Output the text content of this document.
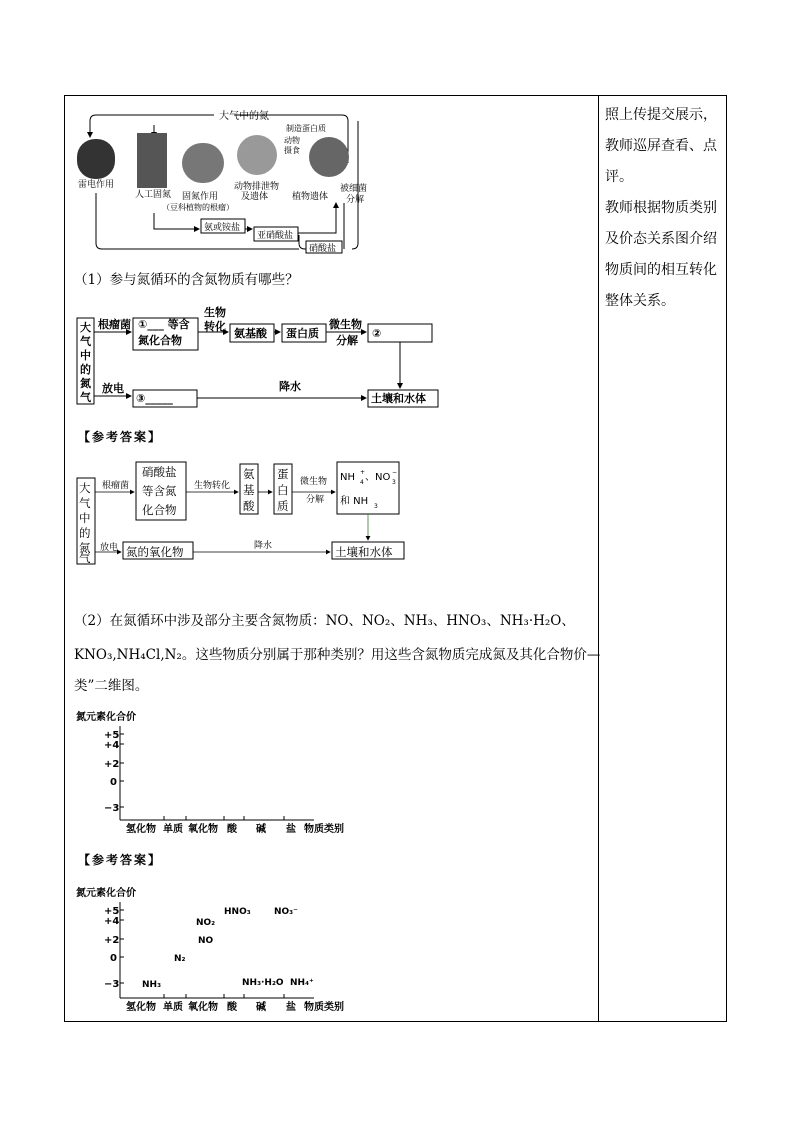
大气中的氮
雷电作用
人工固氮 固氮作用
（豆科植物的根瘤）
动物排泄物
及遗体	植物遗体
制造蛋白质
动物
摄食
被细菌
分解
氨或铵盐
亚硝酸盐
硝酸盐
（1）参与氮循环的含氮物质有哪些？
大
气
中
的
氮
气
根瘤菌 ①___ 等含
氮化合物
生物
转化
氨基酸 蛋白质
微生物
分解
②
放电
③_____
降水
土壤和水体
【参考答案】
大
气
中
的
氮
气
根瘤菌
硝酸盐
等含氮
化合物
生物转化
氨
基
酸
蛋
白
质
微生物
分解
NH 4
+ 、NO 3
−
和 NH 3
放电 氮的氧化物	降水	土壤和水体
（2）在氮循环中涉及部分主要含氮物质：NO、NO₂、NH₃、HNO₃、NH₃·H₂O、
KNO₃,NH₄Cl,N₂。这些物质分别属于那种类别？用这些含氮物质完成氮及其化合物价—
类”二维图。
氮元素化合价
+5
+4
+2
0
−3
氢化物 单质 氧化物 酸 碱 盐 物质类别
【参考答案】
氮元素化合价
+5
+4
+2
0
−3
氢化物 单质 氧化物 酸 碱 盐 物质类别
HNO₃	NO₃⁻
NO₂
NO
N₂
NH₃	NH₃·H₂O NH₄⁺

照上传提交展示，

教师巡屏查看、点

评。

教师根据物质类别

及价态关系图介绍

物质间的相互转化

整体关系。
